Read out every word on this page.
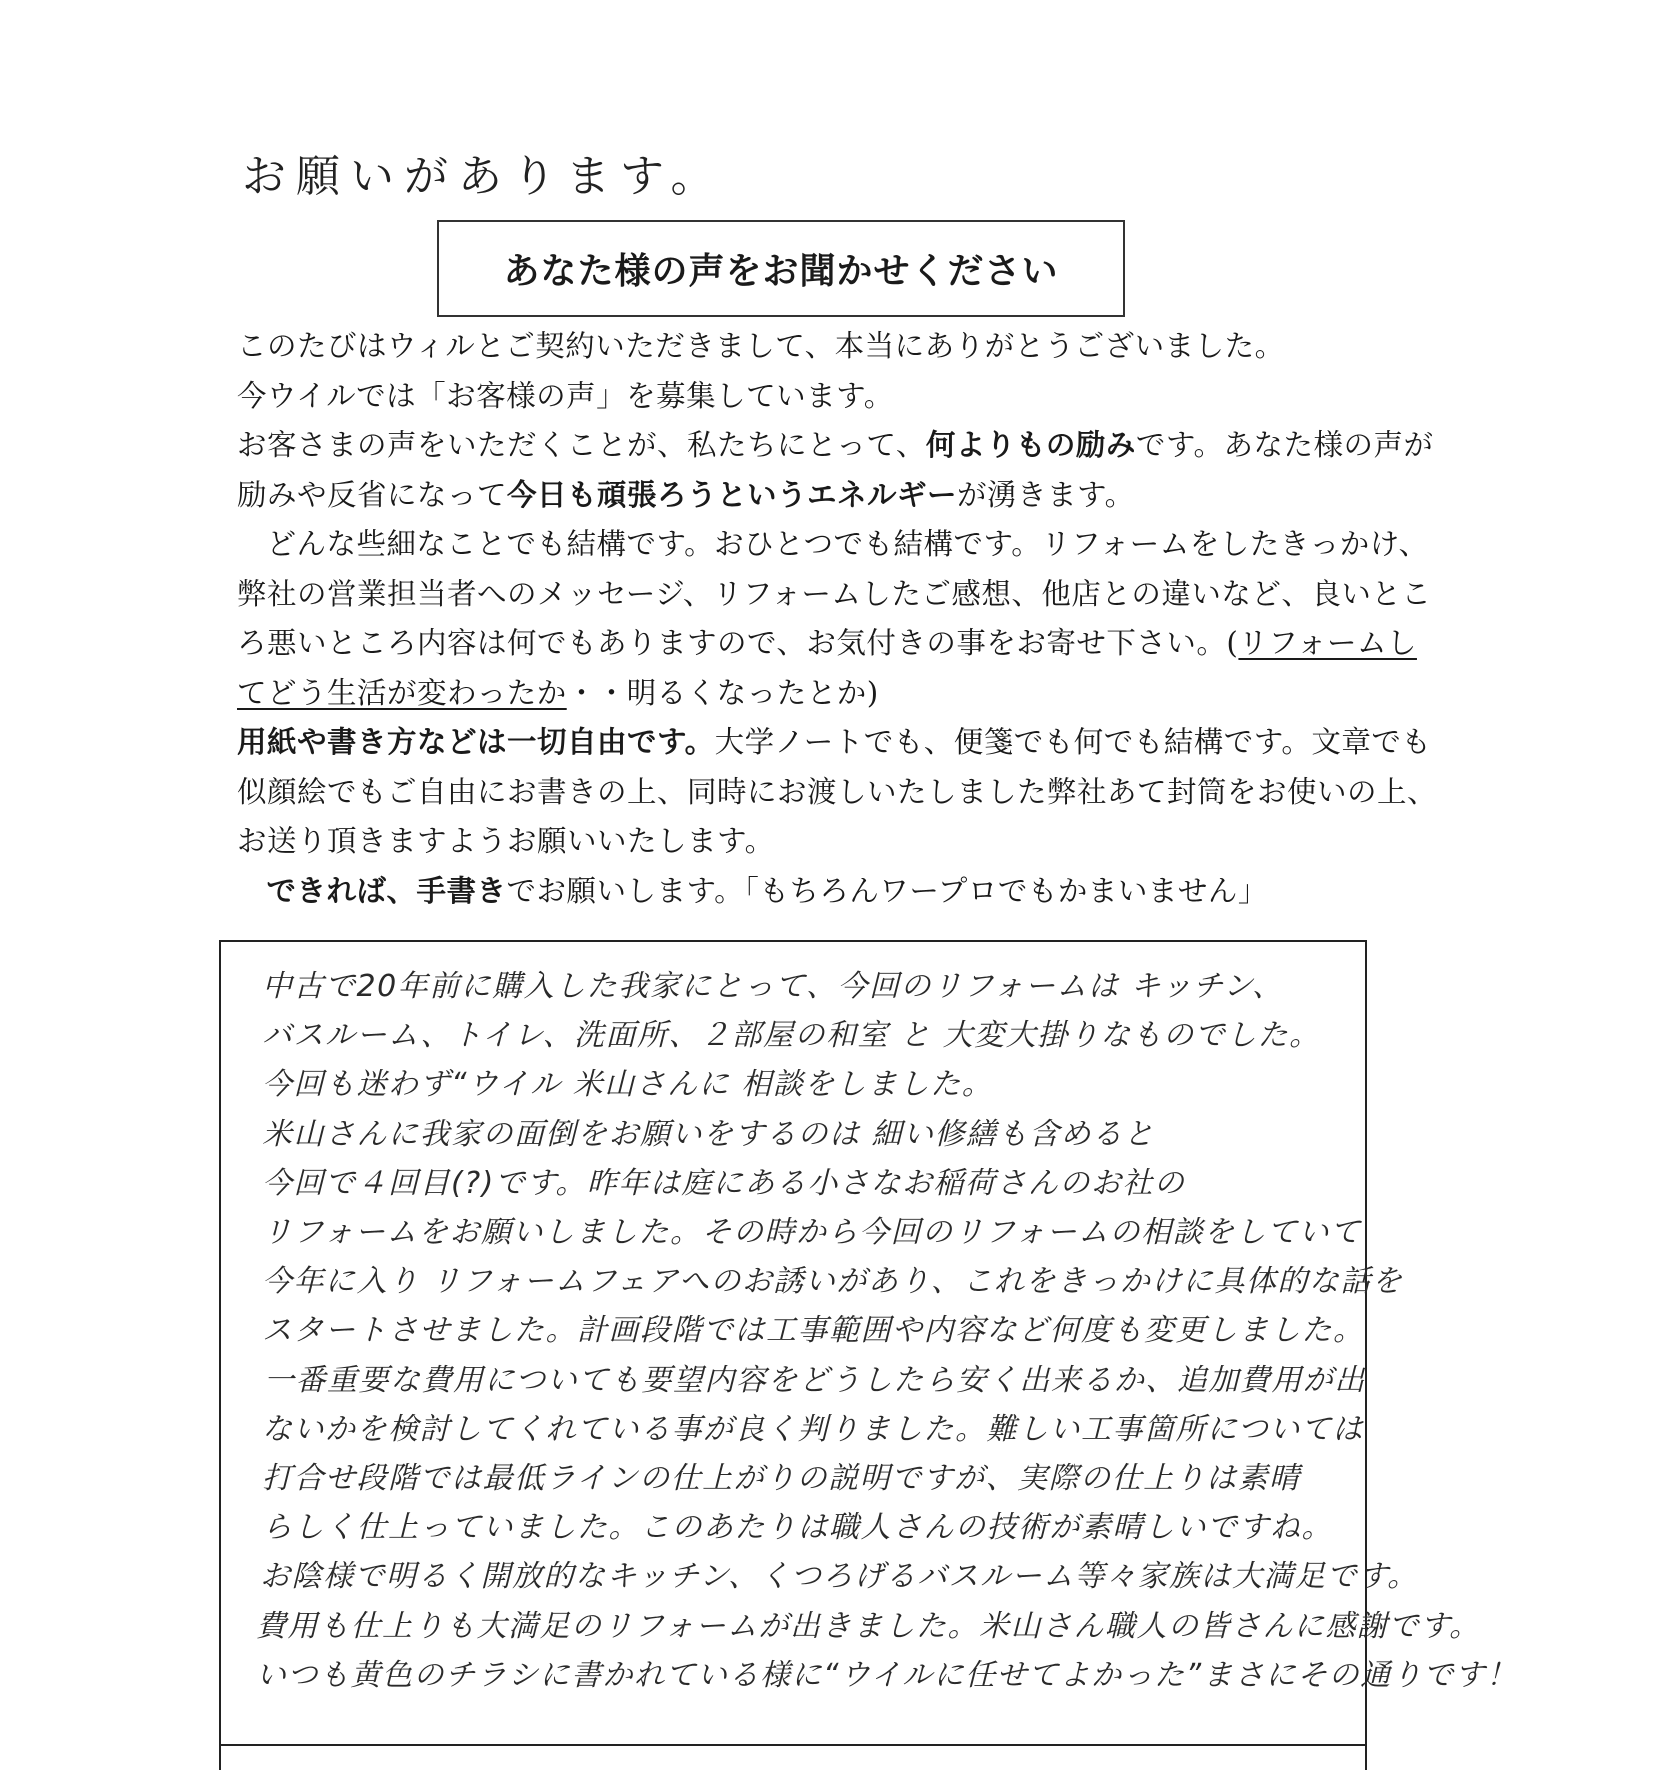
お願いがあります。
あなた様の声をお聞かせください

このたびはウィルとご契約いただきまして、本当にありがとうございました。

今ウイルでは「お客様の声」を募集しています。

お客さまの声をいただくことが、私たちにとって、何よりもの励みです。あなた様の声が励みや反省になって今日も頑張ろうというエネルギーが湧きます。

どんな些細なことでも結構です。おひとつでも結構です。リフォームをしたきっかけ、弊社の営業担当者へのメッセージ、リフォームしたご感想、他店との違いなど、良いところ悪いところ内容は何でもありますので、お気付きの事をお寄せ下さい。(リフォームしてどう生活が変わったか・・明るくなったとか)

用紙や書き方などは一切自由です。大学ノートでも、便箋でも何でも結構です。文章でも似顔絵でもご自由にお書きの上、同時にお渡しいたしました弊社あて封筒をお使いの上、お送り頂きますようお願いいたします。

できれば、手書きでお願いします。「もちろんワープロでもかまいません」

中古で20年前に購入した我家にとって、今回のリフォームは キッチン、

バスルーム、トイレ、洗面所、２部屋の和室 と 大変大掛りなものでした。

今回も迷わず“ウイル 米山さんに 相談をしました。

米山さんに我家の面倒をお願いをするのは 細い修繕も含めると

今回で４回目(?)です。昨年は庭にある小さなお稲荷さんのお社の

リフォームをお願いしました。その時から今回のリフォームの相談をしていて

今年に入り リフォームフェアへのお誘いがあり、これをきっかけに具体的な話を

スタートさせました。計画段階では工事範囲や内容など何度も変更しました。

一番重要な費用についても要望内容をどうしたら安く出来るか、追加費用が出

ないかを検討してくれている事が良く判りました。難しい工事箇所については

打合せ段階では最低ラインの仕上がりの説明ですが、実際の仕上りは素晴

らしく仕上っていました。このあたりは職人さんの技術が素晴しいですね。

お陰様で明るく開放的なキッチン、くつろげるバスルーム等々家族は大満足です。

費用も仕上りも大満足のリフォームが出きました。米山さん職人の皆さんに感謝です。

いつも黄色のチラシに書かれている様に“ウイルに任せてよかった”まさにその通りです！
